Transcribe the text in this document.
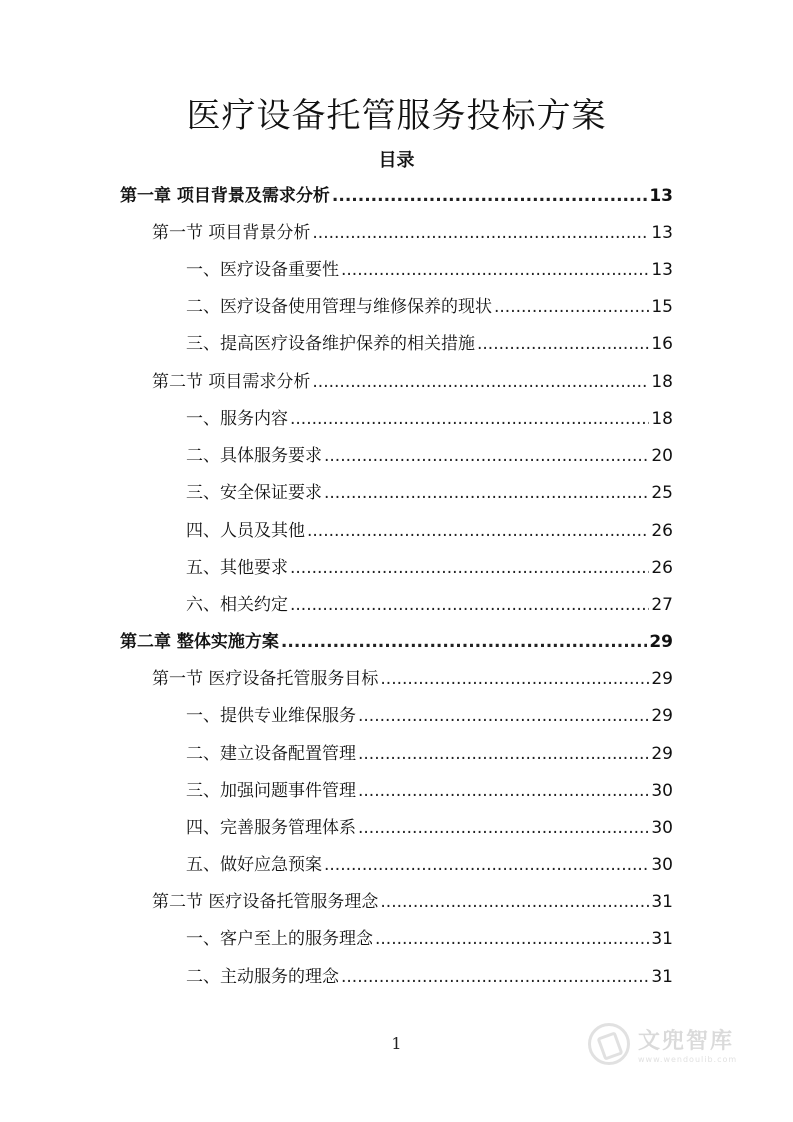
医疗设备托管服务投标方案
目录
第一章 项目背景及需求分析 .....	13
第一节 项目背景分析 .....	13
一、医疗设备重要性 .....	13
二、医疗设备使用管理与维修保养的现状 .....	15
三、提高医疗设备维护保养的相关措施 .....	16
第二节 项目需求分析 .....	18
一、服务内容 .....	18
二、具体服务要求 .....	20
三、安全保证要求 .....	25
四、人员及其他 .....	26
五、其他要求 .....	26
六、相关约定 .....	27
第二章 整体实施方案 .....	29
第一节 医疗设备托管服务目标 .....	29
一、提供专业维保服务 .....	29
二、建立设备配置管理 .....	29
三、加强问题事件管理 .....	30
四、完善服务管理体系 .....	30
五、做好应急预案 .....	30
第二节 医疗设备托管服务理念 .....	31
一、客户至上的服务理念 .....	31
二、主动服务的理念 .....	31
1	文兜智库
www.wendoulib.com
